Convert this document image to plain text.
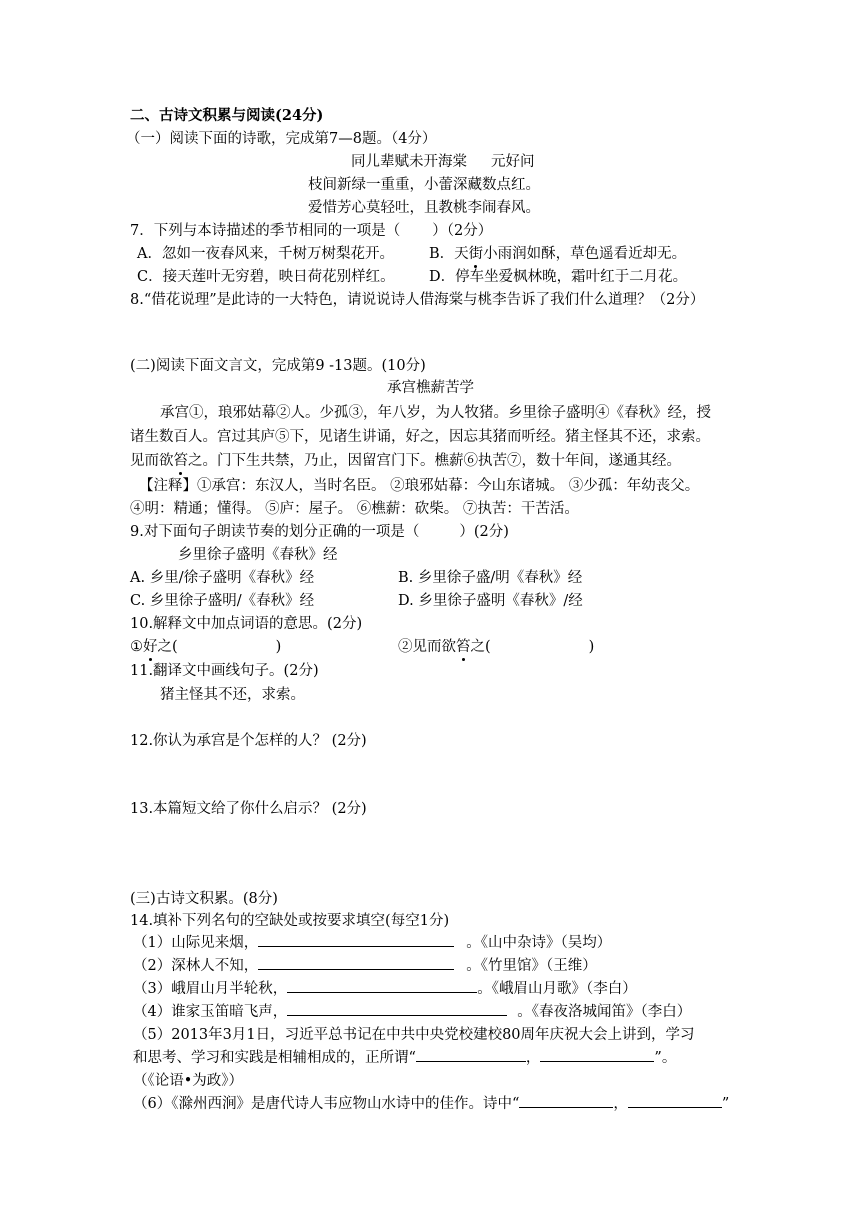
二、古诗文积累与阅读(24分)
（一）阅读下面的诗歌，完成第7—8题。（4分）
同儿辈赋未开海棠 元好问
枝间新绿一重重，小蕾深藏数点红。
爱惜芳心莫轻吐，且教桃李闹春风。
7．下列与本诗描述的季节相同的一项是（ ）（2分）
A．忽如一夜春风来，千树万树梨花开。 B．天街小雨润如酥，草色遥看近却无。
C．接天莲叶无穷碧，映日荷花别样红。 D．停车坐爱枫林晚，霜叶红于二月花。
8.“借花说理”是此诗的一大特色，请说说诗人借海棠与桃李告诉了我们什么道理？（2分）
(二)阅读下面文言文，完成第9 -13题。(10分)
承宫樵薪苦学
承宫①，琅邪姑幕②人。少孤③，年八岁，为人牧猪。乡里徐子盛明④《春秋》经，授
诸生数百人。宫过其庐⑤下，见诸生讲诵，好之，因忘其猪而听经。猪主怪其不还，求索。
见而欲笞之。门下生共禁，乃止，因留宫门下。樵薪⑥执苦⑦，数十年间，遂通其经。
【注释】①承宫：东汉人，当时名臣。 ②琅邪姑幕：今山东诸城。 ③少孤：年幼丧父。
④明：精通；懂得。 ⑤庐：屋子。 ⑥樵薪：砍柴。 ⑦执苦：干苦活。
9.对下面句子朗读节奏的划分正确的一项是（	）(2分)
乡里徐子盛明《春秋》经
A. 乡里/徐子盛明《春秋》经	B. 乡里徐子盛/明《春秋》经
C. 乡里徐子盛明/《春秋》经	D. 乡里徐子盛明《春秋》/经
10.解释文中加点词语的意思。(2分)
①好之(	)	②见而欲笞之(	)
11.翻译文中画线句子。(2分)
猪主怪其不还，求索。
12.你认为承宫是个怎样的人？ (2分)
13.本篇短文给了你什么启示？ (2分)
(三)古诗文积累。(8分)
14.填补下列名句的空缺处或按要求填空(每空1分)
（1）山际见来烟，	。《山中杂诗》（吴均）
（2）深林人不知，	。《竹里馆》（王维）
（3）峨眉山月半轮秋，	。《峨眉山月歌》（李白）
（4）谁家玉笛暗飞声，	。《春夜洛城闻笛》（李白）
（5）2013年3月1日，习近平总书记在中共中央党校建校80周年庆祝大会上讲到，学习
和思考、学习和实践是相辅相成的，正所谓“	，	”。
（《论语•为政》）
（6）《滁州西涧》是唐代诗人韦应物山水诗中的佳作。诗中“	，	”
